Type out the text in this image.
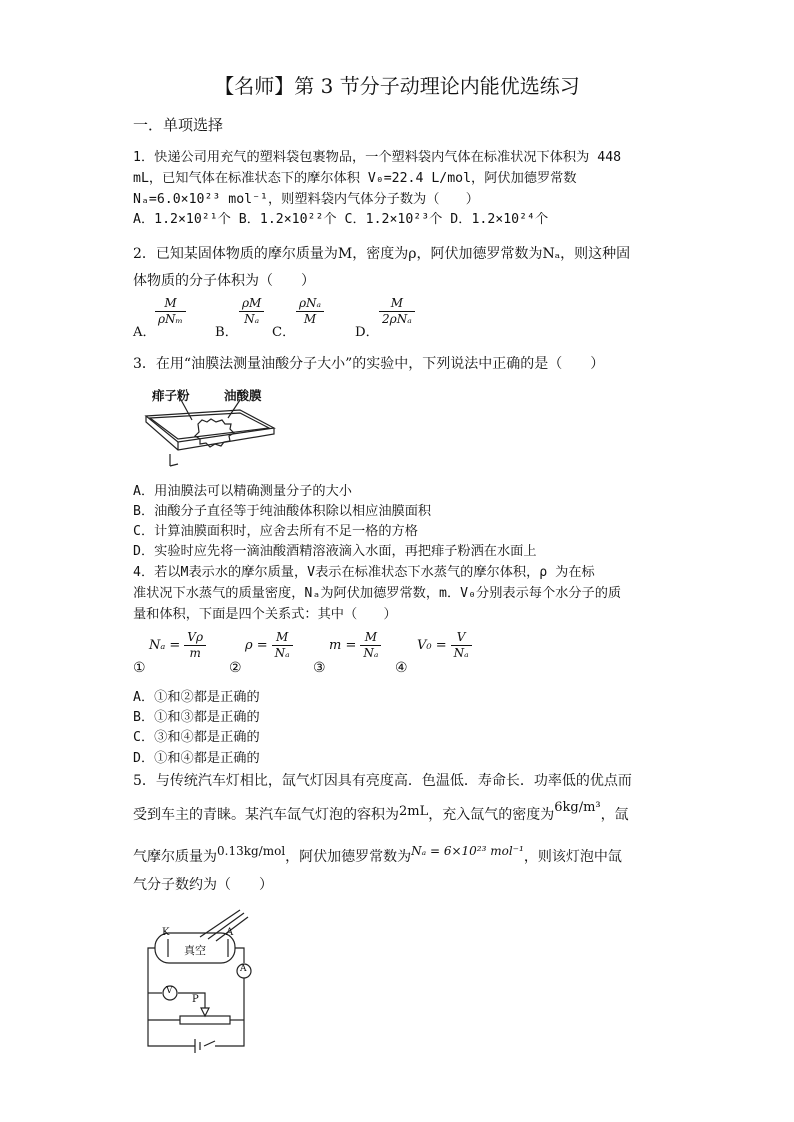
【名师】第 3 节分子动理论内能优选练习
一．单项选择
1．快递公司用充气的塑料袋包裹物品，一个塑料袋内气体在标准状况下体积为 448
mL，已知气体在标准状态下的摩尔体积 V₀=22.4 L/mol，阿伏加德罗常数
Nₐ=6.0×10²³ mol⁻¹，则塑料袋内气体分子数为（　　）
A．1.2×10²¹个 B．1.2×10²²个 C．1.2×10²³个 D．1.2×10²⁴个
2．已知某固体物质的摩尔质量为M，密度为ρ，阿伏加德罗常数为Nₐ，则这种固
体物质的分子体积为（　　）
A．
M
ρNₘ
B．
$\frac{\rho M}{\text{Nₐ}}$
C．
ρNₐ
M
D．
M
2ρNₐ
3．在用“油膜法测量油酸分子大小”的实验中，下列说法中正确的是（　　）
痱子粉	油酸膜
A．用油膜法可以精确测量分子的大小
B．油酸分子直径等于纯油酸体积除以相应油膜面积
C．计算油膜面积时，应舍去所有不足一格的方格
D．实验时应先将一滴油酸酒精溶液滴入水面，再把痱子粉洒在水面上
4．若以M表示水的摩尔质量，V表示在标准状态下水蒸气的摩尔体积，ρ 为在标
准状况下水蒸气的质量密度，Nₐ为阿伏加德罗常数，m．V₀分别表示每个水分子的质
量和体积，下面是四个关系式：其中（　　）
①
$N_a = \frac{V\rho}{m}$
②
$\rho = \frac{M}{\text{Nₐ}}$
③
$m = \frac{M}{\text{Nₐ}}$
④
$V_0 = \frac{V}{\text{Nₐ}}$
A．①和②都是正确的
B．①和③都是正确的
C．③和④都是正确的
D．①和④都是正确的
5．与传统汽车灯相比，氙气灯因具有亮度高．色温低．寿命长．功率低的优点而
受到车主的青睐。某汽车氙气灯泡的容积为2mL，充入氙气的密度为6kg/m³，氙
气摩尔质量为0.13kg/mol，阿伏加德罗常数为Nₐ = 6×10²³ mol⁻¹，则该灯泡中氙
气分子数约为（　　）
K	A
真空
A
V
P
